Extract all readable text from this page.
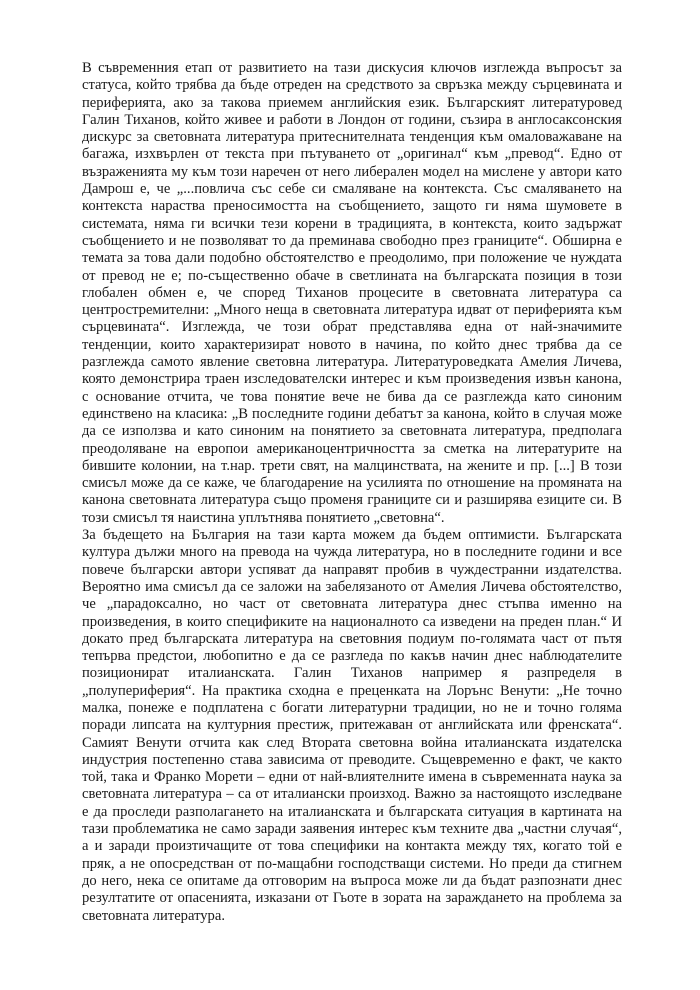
В съвременния етап от развитието на тази дискусия ключов изглежда въпросът за статуса, който трябва да бъде отреден на средството за свръзка между сърцевината и периферията, ако за такова приемем английския език. Българският литературовед Галин Тиханов, който живее и работи в Лондон от години, съзира в англосаксонския дискурс за световната литература притеснителната тенденция към омаловажаване на багажа, изхвърлен от текста при пътуването от „оригинал“ към „превод“. Едно от възраженията му към този наречен от него либерален модел на мислене у автори като Дамрош е, че „...повлича със себе си смаляване на контекста. Със смаляването на контекста нараства преносимостта на съобщението, защото ги няма шумовете в системата, няма ги всички тези корени в традицията, в контекста, които задържат съобщението и не позволяват то да преминава свободно през границите“. Обширна е темата за това дали подобно обстоятелство е преодолимо, при положение че нуждата от превод не е; по-същественно обаче в светлината на българската позиция в този глобален обмен е, че според Тиханов процесите в световната литература са центростремителни: „Много неща в световната литература идват от периферията към сърцевината“. Изглежда, че този обрат представлява една от най-значимите тенденции, които характеризират новото в начина, по който днес трябва да се разглежда самото явление световна литература. Литературоведката Амелия Личева, която демонстрира траен изследователски интерес и към произведения извън канона, с основание отчита, че това понятие вече не бива да се разглежда като синоним единствено на класика: „В последните години дебатът за канона, който в случая може да се използва и като синоним на понятието за световната литература, предполага преодоляване на европои американоцентричността за сметка на литературите на бившите колонии, на т.нар. трети свят, на малцинствата, на жените и пр. [...] В този смисъл може да се каже, че благодарение на усилията по отношение на промяната на канона световната литература също променя границите си и разширява езиците си. В този смисъл тя наистина уплътнява понятието „световна“.

За бъдещето на България на тази карта можем да бъдем оптимисти. Българската култура дължи много на превода на чужда литература, но в последните години и все повече български автори успяват да направят пробив в чуждестранни издателства. Вероятно има смисъл да се заложи на забелязаното от Амелия Личева обстоятелство, че „парадоксално, но част от световната литература днес стъпва именно на произведения, в които спецификите на националното са изведени на преден план.“ И докато пред българската литература на световния подиум по-голямата част от пътя тепърва предстои, любопитно е да се разгледа по какъв начин днес наблюдателите позиционират италианската. Галин Тиханов например я разпределя в „полупериферия“. На практика сходна е преценката на Лорънс Венути: „Не точно малка, понеже е подплатена с богати литературни традиции, но не и точно голяма поради липсата на културния престиж, притежаван от английската или френската“. Самият Венути отчита как след Втората световна война италианската издателска индустрия постепенно става зависима от преводите. Същевременно е факт, че както той, така и Франко Морети – едни от най-влиятелните имена в съвременната наука за световната литература – са от италиански произход. Важно за настоящото изследване е да проследи разполагането на италианската и българската ситуация в картината на тази проблематика не само заради заявения интерес към техните два „частни случая“, а и заради произтичащите от това специфики на контакта между тях, когато той е пряк, а не опосредстван от по-мащабни господстващи системи. Но преди да стигнем до него, нека се опитаме да отговорим на въпроса може ли да бъдат разпознати днес резултатите от опасенията, изказани от Гьоте в зората на зараждането на проблема за световната литература.
